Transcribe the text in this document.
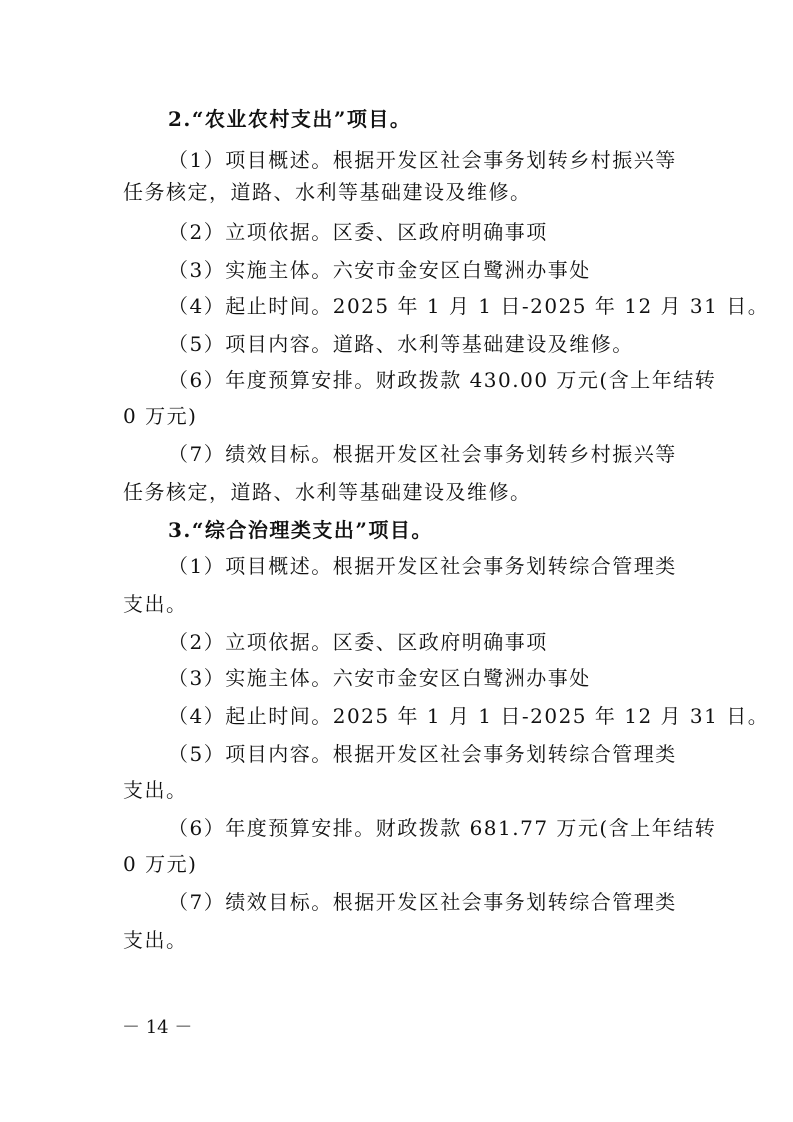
2.“农业农村支出”项目。
（1）项目概述。根据开发区社会事务划转乡村振兴等
任务核定，道路、水利等基础建设及维修。
（2）立项依据。区委、区政府明确事项
（3）实施主体。六安市金安区白鹭洲办事处
（4）起止时间。2025 年 1 月 1 日-2025 年 12 月 31 日。
（5）项目内容。道路、水利等基础建设及维修。
（6）年度预算安排。财政拨款 430.00 万元(含上年结转
0 万元)
（7）绩效目标。根据开发区社会事务划转乡村振兴等
任务核定，道路、水利等基础建设及维修。
3.“综合治理类支出”项目。
（1）项目概述。根据开发区社会事务划转综合管理类
支出。
（2）立项依据。区委、区政府明确事项
（3）实施主体。六安市金安区白鹭洲办事处
（4）起止时间。2025 年 1 月 1 日-2025 年 12 月 31 日。
（5）项目内容。根据开发区社会事务划转综合管理类
支出。
（6）年度预算安排。财政拨款 681.77 万元(含上年结转
0 万元)
（7）绩效目标。根据开发区社会事务划转综合管理类
支出。
－ 14 －
